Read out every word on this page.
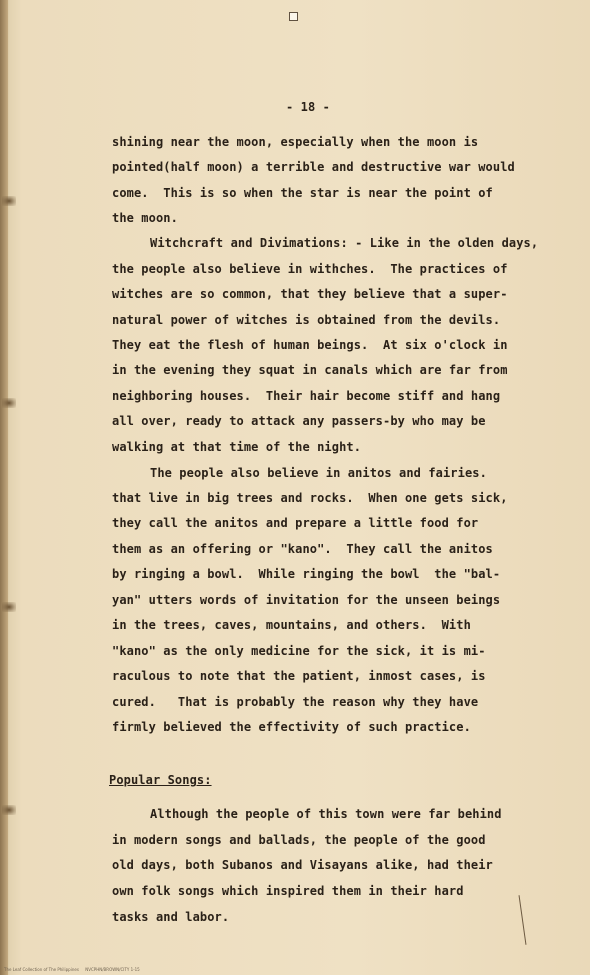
- 18 -
shining near the moon, especially when the moon is
pointed(half moon) a terrible and destructive war would
come.  This is so when the star is near the point of
the moon.
Witchcraft and Divimations: - Like in the olden days,
the people also believe in withches.  The practices of
witches are so common, that they believe that a super-
natural power of witches is obtained from the devils.
They eat the flesh of human beings.  At six o'clock in
in the evening they squat in canals which are far from
neighboring houses.  Their hair become stiff and hang
all over, ready to attack any passers-by who may be
walking at that time of the night.
The people also believe in anitos and fairies.
that live in big trees and rocks.  When one gets sick,
they call the anitos and prepare a little food for
them as an offering or "kano".  They call the anitos
by ringing a bowl.  While ringing the bowl  the "bal-
yan" utters words of invitation for the unseen beings
in the trees, caves, mountains, and others.  With
"kano" as the only medicine for the sick, it is mi-
raculous to note that the patient, inmost cases, is
cured.   That is probably the reason why they have
firmly believed the effectivity of such practice.
Popular Songs:
Although the people of this town were far behind
in modern songs and ballads, the people of the good
old days, both Subanos and Visayans alike, had their
own folk songs which inspired them in their hard
tasks and labor.
The Leaf Collection of The Philippines     NVCPHN/BROWN/CITY 1-15
